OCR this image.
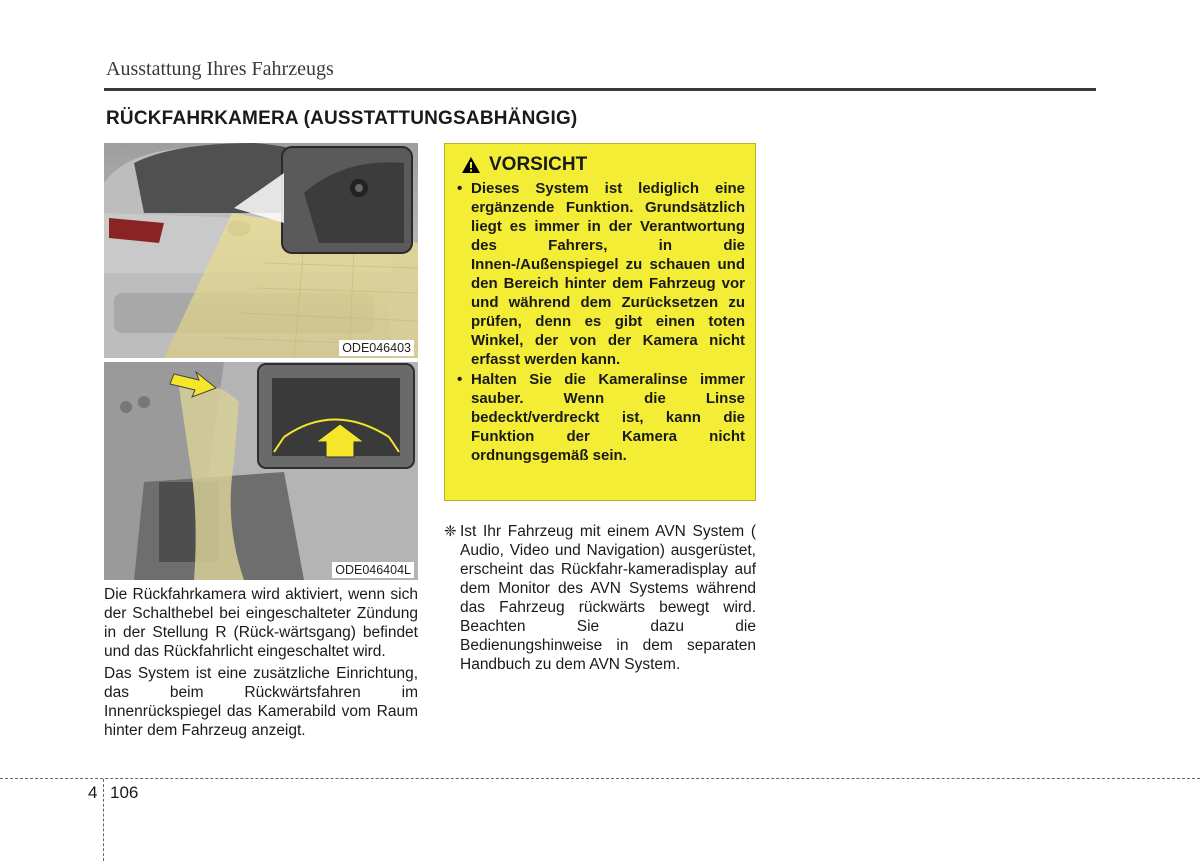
Ausstattung Ihres Fahrzeugs
RÜCKFAHRKAMERA (AUSSTATTUNGSABHÄNGIG)
ODE046403
ODE046404L

Die Rückfahrkamera wird aktiviert, wenn sich der Schalthebel bei eingeschalteter Zündung in der Stellung R (Rück-wärtsgang) befindet und das Rückfahrlicht eingeschaltet wird.

Das System ist eine zusätzliche Einrichtung, das beim Rückwärtsfahren im Innenrückspiegel das Kamerabild vom Raum hinter dem Fahrzeug anzeigt.

VORSICHT
• Dieses System ist lediglich eine ergänzende Funktion. Grundsätzlich liegt es immer in der Verantwortung des Fahrers, in die Innen-/Außenspiegel zu schauen und den Bereich hinter dem Fahrzeug vor und während dem Zurücksetzen zu prüfen, denn es gibt einen toten Winkel, der von der Kamera nicht erfasst werden kann.
• Halten Sie die Kameralinse immer sauber. Wenn die Linse bedeckt/verdreckt ist, kann die Funktion der Kamera nicht ordnungsgemäß sein.
❈ Ist Ihr Fahrzeug mit einem AVN System ( Audio, Video und Navigation) ausgerüstet, erscheint das Rückfahr-kameradisplay auf dem Monitor des AVN Systems während das Fahrzeug rückwärts bewegt wird. Beachten Sie dazu die Bedienungshinweise in dem separaten Handbuch zu dem AVN System.
4 106
